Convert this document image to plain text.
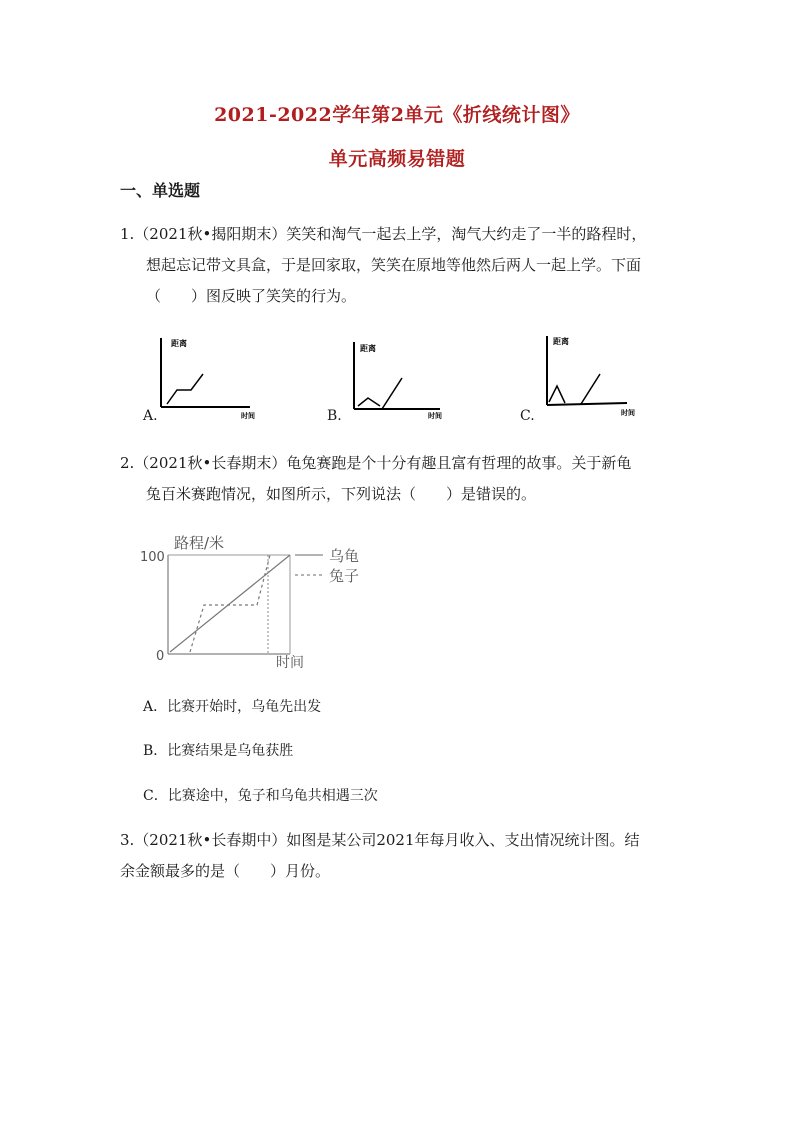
2021-2022学年第2单元《折线统计图》
单元高频易错题
一、单选题
1.（2021秋•揭阳期末）笑笑和淘气一起去上学，淘气大约走了一半的路程时，
想起忘记带文具盒，于是回家取，笑笑在原地等他然后两人一起上学。下面
（　　）图反映了笑笑的行为。
A.
距离
时间	B.
距离
时间	C.
距离
时间
2.（2021秋•长春期末）龟兔赛跑是个十分有趣且富有哲理的故事。关于新龟
兔百米赛跑情况，如图所示，下列说法（　　）是错误的。
路程/米
100
0	时间
乌龟
兔子
A．比赛开始时，乌龟先出发
B．比赛结果是乌龟获胜
C．比赛途中，兔子和乌龟共相遇三次
3.（2021秋•长春期中）如图是某公司2021年每月收入、支出情况统计图。结
余金额最多的是（　　）月份。
